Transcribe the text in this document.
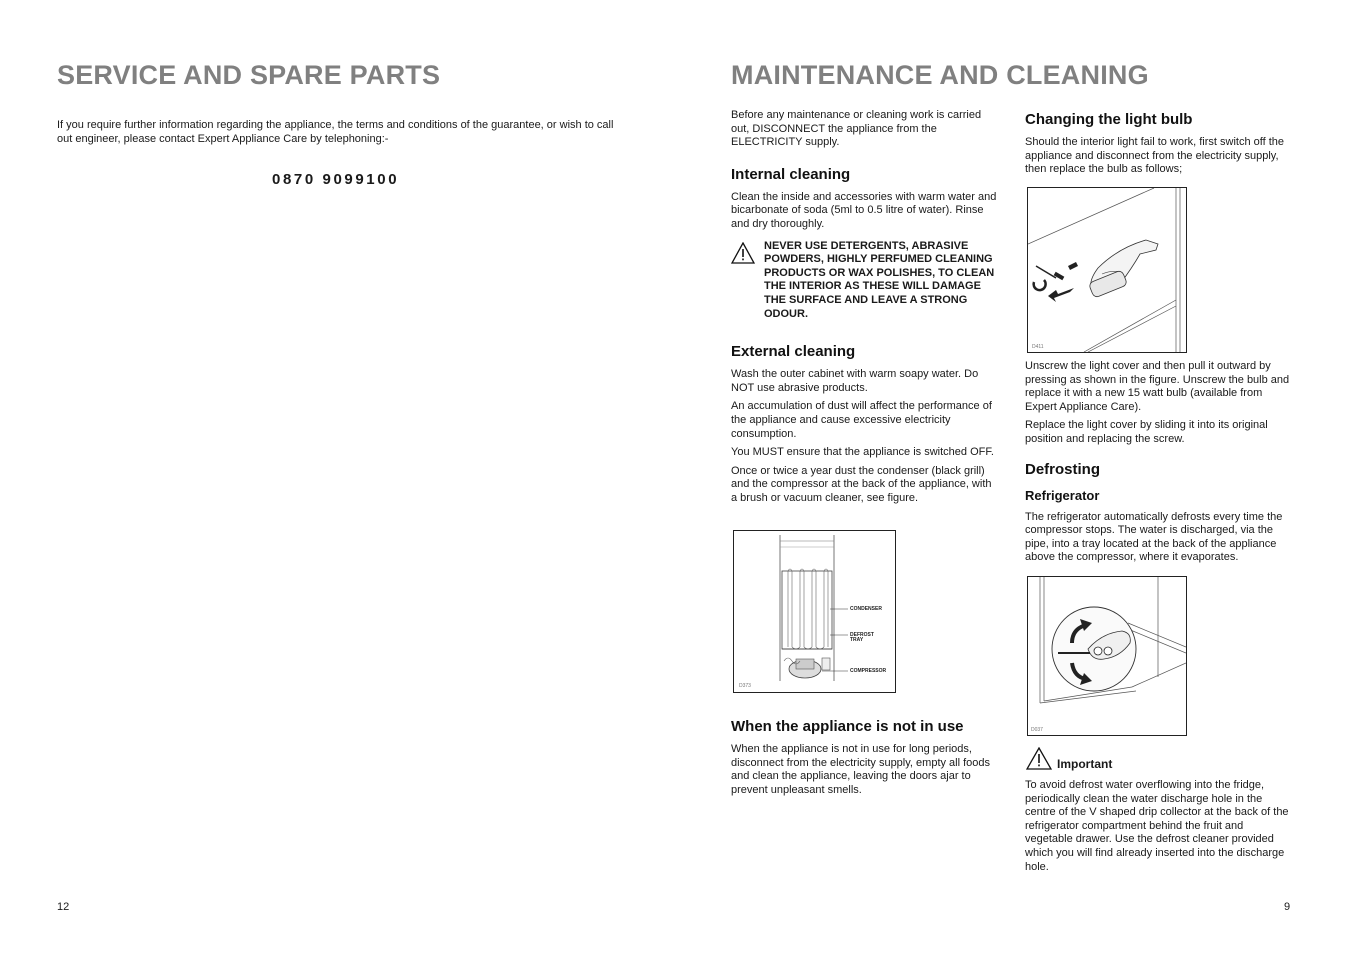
SERVICE AND SPARE PARTS

If you require further information regarding the appliance, the terms and conditions of the guarantee, or wish to call out engineer, please contact Expert Appliance Care by telephoning:-

0870 9099100
12
MAINTENANCE AND CLEANING

Before any maintenance or cleaning work is carried out, DISCONNECT the appliance from the ELECTRICITY supply.

Internal cleaning

Clean the inside and accessories with warm water and bicarbonate of soda (5ml to 0.5 litre of water). Rinse and dry thoroughly.

NEVER USE DETERGENTS, ABRASIVE POWDERS, HIGHLY PERFUMED CLEANING PRODUCTS OR WAX POLISHES, TO CLEAN THE INTERIOR AS THESE WILL DAMAGE THE SURFACE AND LEAVE A STRONG ODOUR.

External cleaning

Wash the outer cabinet with warm soapy water. Do NOT use abrasive products.

An accumulation of dust will affect the performance of the appliance and cause excessive electricity consumption.

You MUST ensure that the appliance is switched OFF.

Once or twice a year dust the condenser (black grill) and the compressor at the back of the appliance, with a brush or vacuum cleaner, see figure.

CONDENSER
DEFROST
TRAY
COMPRESSOR
D373
When the appliance is not in use

When the appliance is not in use for long periods, disconnect from the electricity supply, empty all foods and clean the appliance, leaving the doors ajar to prevent unpleasant smells.

Changing the light bulb

Should the interior light fail to work, first switch off the appliance and disconnect from the electricity supply, then replace the bulb as follows;

D411

Unscrew the light cover and then pull it outward by pressing as shown in the figure. Unscrew the bulb and replace it with a new 15 watt bulb (available from Expert Appliance Care).

Replace the light cover by sliding it into its original position and replacing the screw.

Defrosting
Refrigerator

The refrigerator automatically defrosts every time the compressor stops. The water is discharged, via the pipe, into a tray located at the back of the appliance above the compressor, where it evaporates.

D037
Important

To avoid defrost water overflowing into the fridge, periodically clean the water discharge hole in the centre of the V shaped drip collector at the back of the refrigerator compartment behind the fruit and vegetable drawer. Use the defrost cleaner provided which you will find already inserted into the discharge hole.

9
